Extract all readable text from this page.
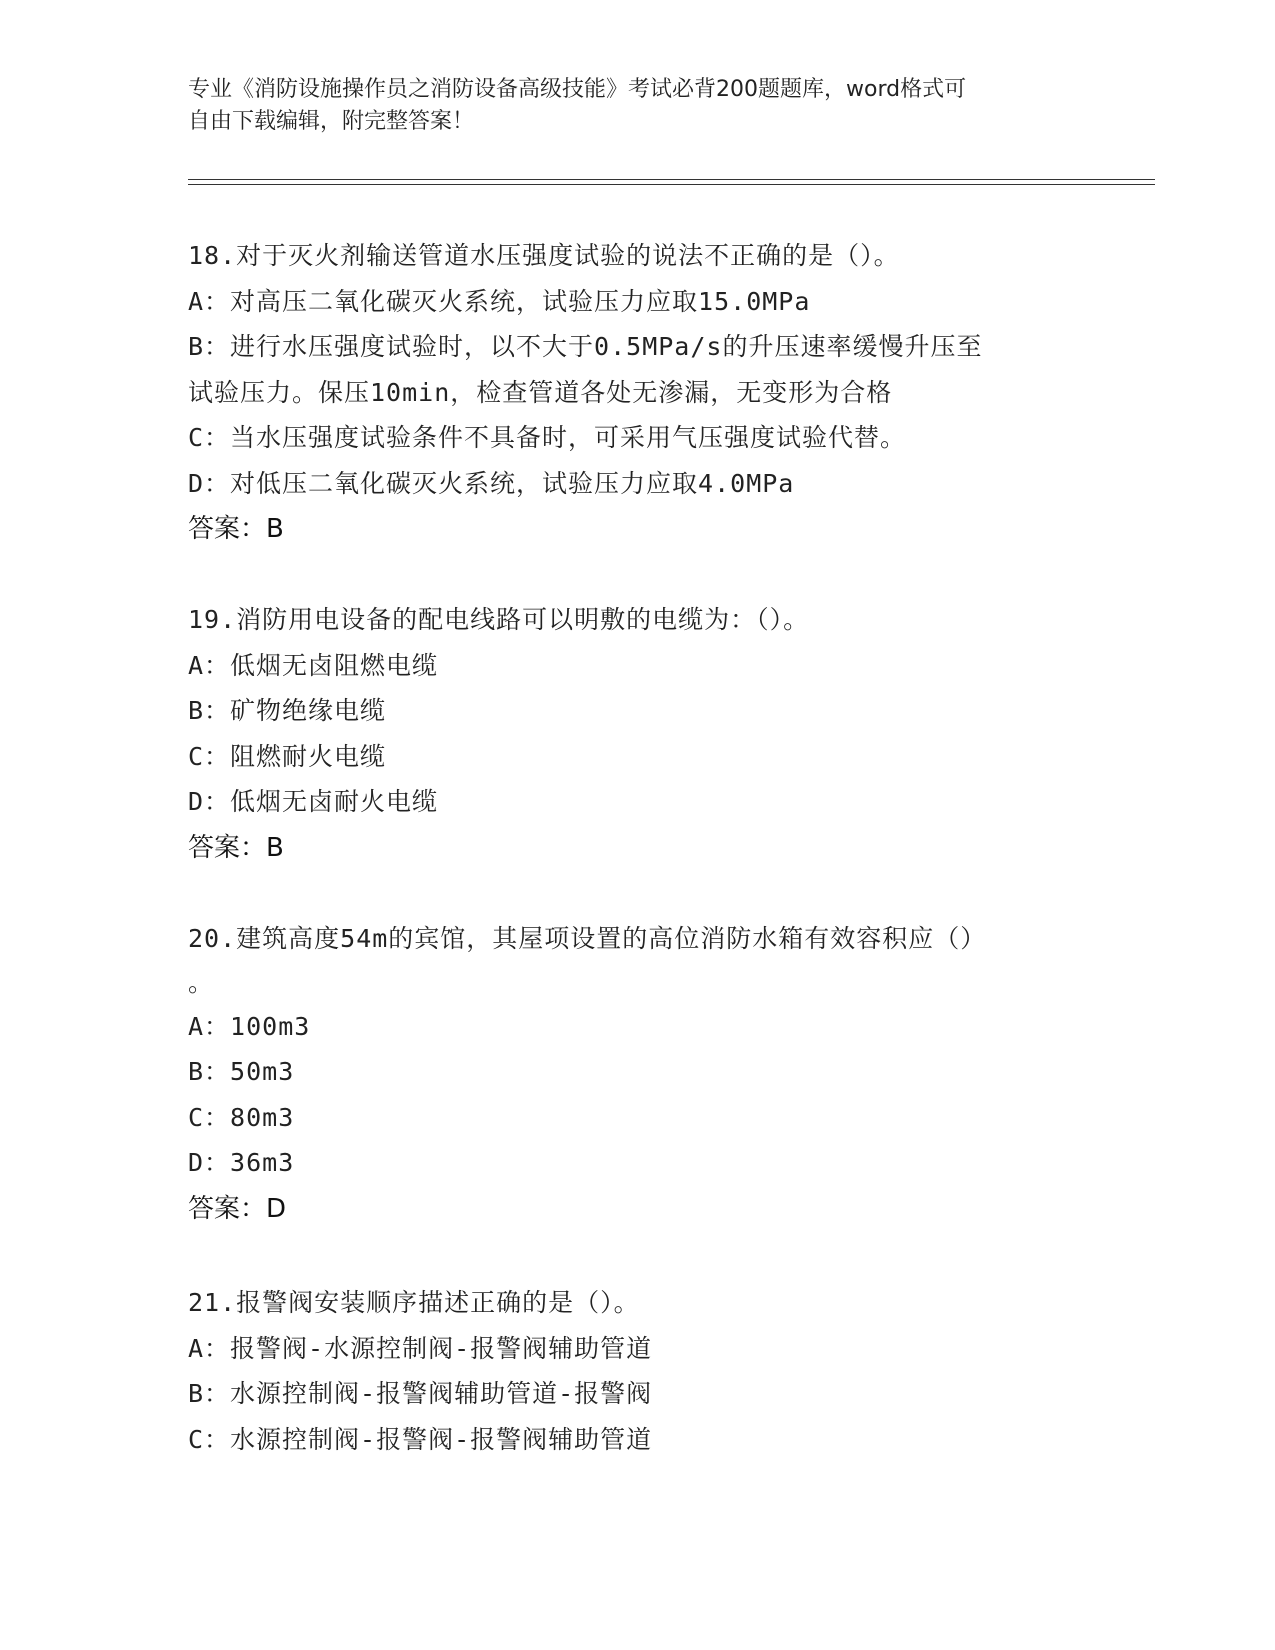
专业《消防设施操作员之消防设备高级技能》考试必背200题题库，word格式可
自由下载编辑，附完整答案！
18.对于灭火剂输送管道水压强度试验的说法不正确的是（）。
A：对高压二氧化碳灭火系统，试验压力应取15.0MPa
B：进行水压强度试验时，以不大于0.5MPa/s的升压速率缓慢升压至
试验压力。保压10min，检查管道各处无渗漏，无变形为合格
C：当水压强度试验条件不具备时，可采用气压强度试验代替。
D：对低压二氧化碳灭火系统，试验压力应取4.0MPa
答案：B
19.消防用电设备的配电线路可以明敷的电缆为：（）。
A：低烟无卤阻燃电缆
B：矿物绝缘电缆
C：阻燃耐火电缆
D：低烟无卤耐火电缆
答案：B
20.建筑高度54m的宾馆，其屋项设置的高位消防水箱有效容积应（）
。
A：100m3
B：50m3
C：80m3
D：36m3
答案：D
21.报警阀安装顺序描述正确的是（）。
A：报警阀-水源控制阀-报警阀辅助管道
B：水源控制阀-报警阀辅助管道-报警阀
C：水源控制阀-报警阀-报警阀辅助管道
